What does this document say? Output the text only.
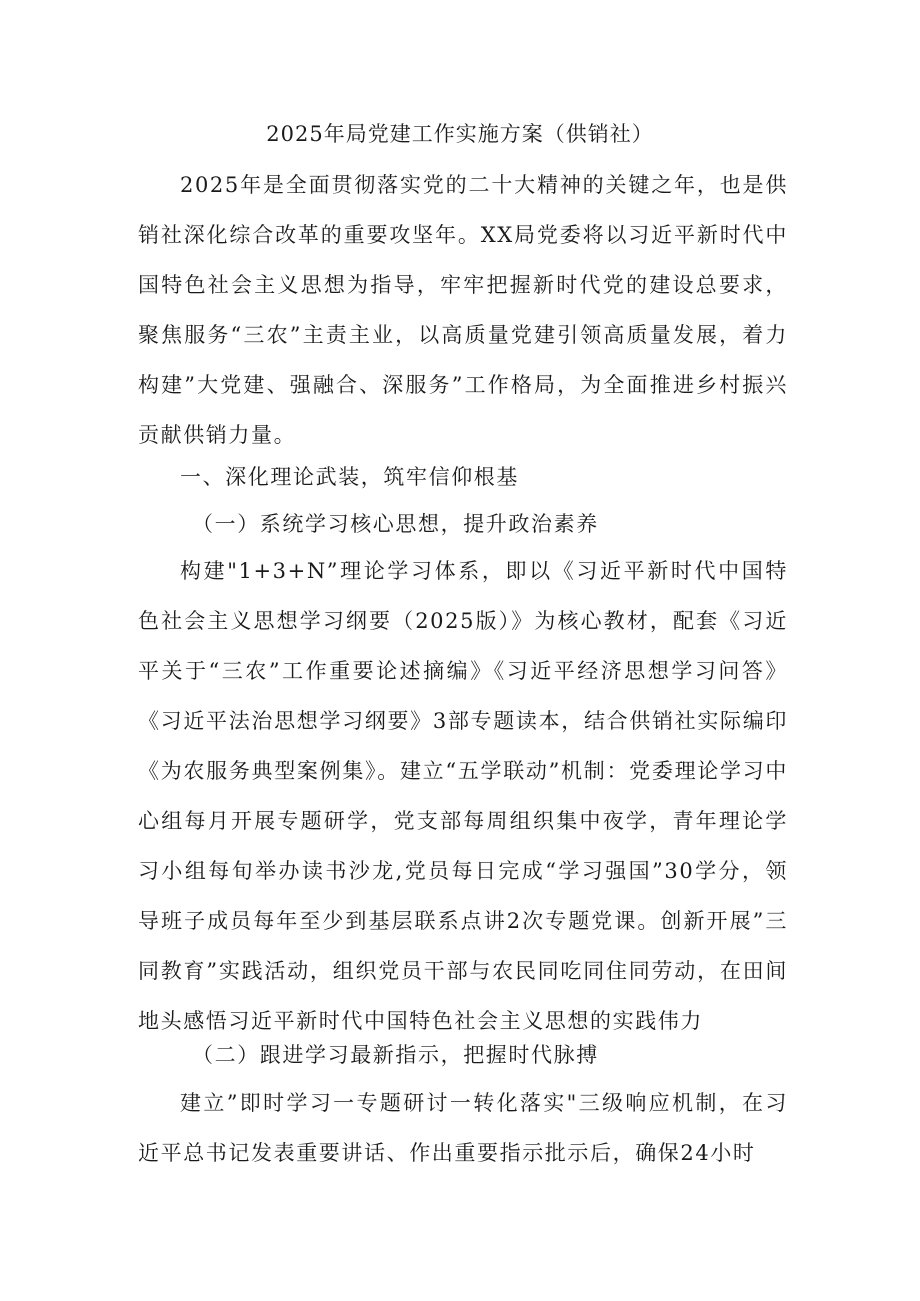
2025年局党建工作实施方案（供销社）

2025年是全面贯彻落实党的二十大精神的关键之年，也是供销社深化综合改革的重要攻坚年。XX局党委将以习近平新时代中国特色社会主义思想为指导，牢牢把握新时代党的建设总要求，聚焦服务“三农”主责主业，以高质量党建引领高质量发展，着力构建”大党建、强融合、深服务”工作格局，为全面推进乡村振兴贡献供销力量。

一、深化理论武装，筑牢信仰根基

（一）系统学习核心思想，提升政治素养

构建"1+3+N”理论学习体系，即以《习近平新时代中国特色社会主义思想学习纲要（2025版）》为核心教材，配套《习近平关于“三农”工作重要论述摘编》《习近平经济思想学习问答》《习近平法治思想学习纲要》3部专题读本，结合供销社实际编印《为农服务典型案例集》。建立“五学联动”机制：党委理论学习中心组每月开展专题研学，党支部每周组织集中夜学，青年理论学习小组每旬举办读书沙龙,党员每日完成“学习强国”30学分，领导班子成员每年至少到基层联系点讲2次专题党课。创新开展”三同教育”实践活动，组织党员干部与农民同吃同住同劳动，在田间地头感悟习近平新时代中国特色社会主义思想的实践伟力

（二）跟进学习最新指示，把握时代脉搏

建立”即时学习一专题研讨一转化落实"三级响应机制，在习近平总书记发表重要讲话、作出重要指示批示后，确保24小时
